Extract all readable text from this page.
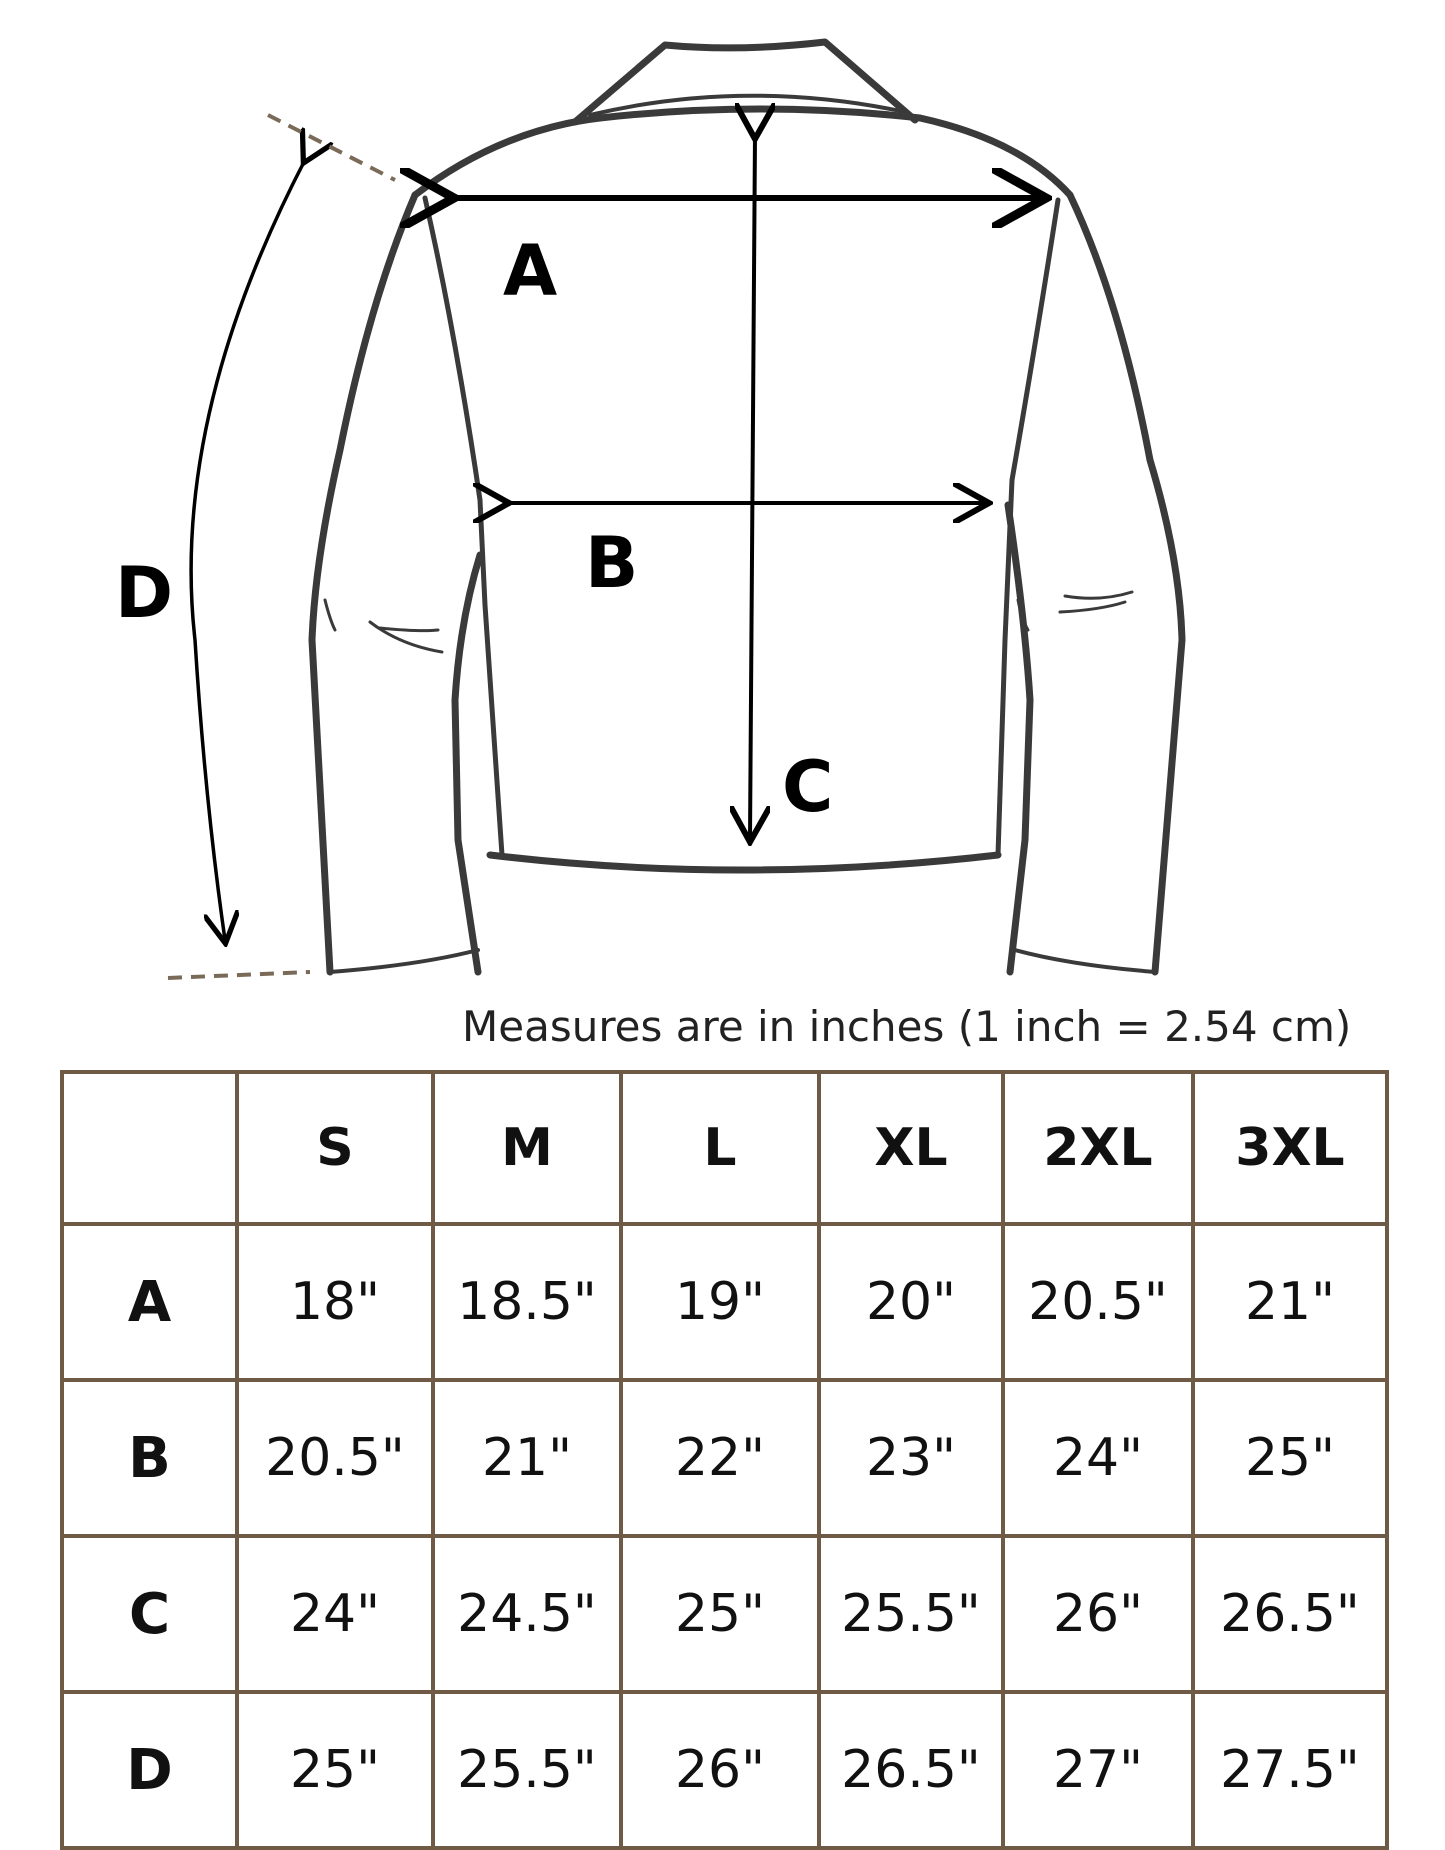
A
B
C
D
Measures are in inches (1 inch = 2.54 cm)
	S	M	L	XL	2XL	3XL
A	18"	18.5"	19"	20"	20.5"	21"
B	20.5"	21"	22"	23"	24"	25"
C	24"	24.5"	25"	25.5"	26"	26.5"
D	25"	25.5"	26"	26.5"	27"	27.5"
